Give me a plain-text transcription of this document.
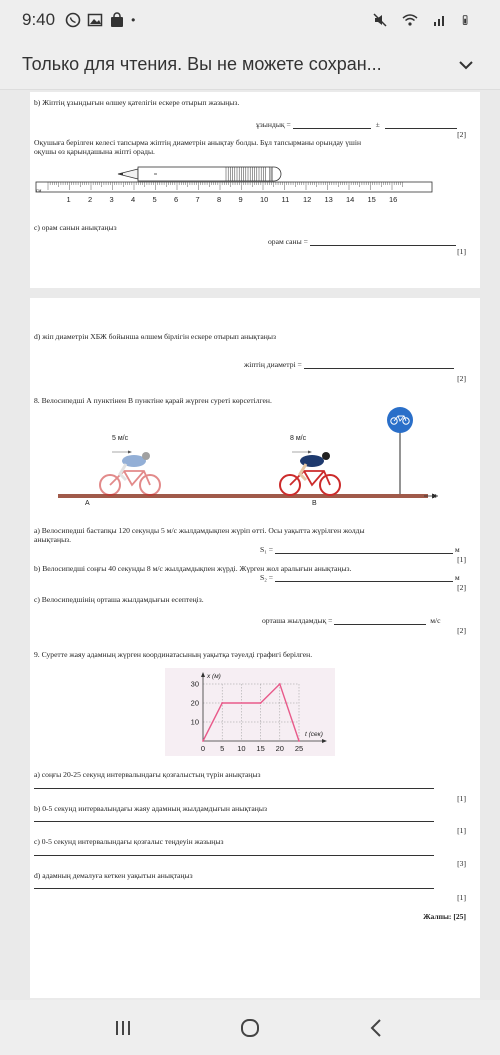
9:40	•
Только для чтения. Вы не можете сохран...
b) Жіптің ұзындығын өлшеу қателігін ескере отырып жазыңыз.
ұзындық =	±
[2]
Оқушыға берілген келесі тапсырма жіптің диаметрін анықтау болды. Бұл тапсырманы орындау үшін
оқушы өз қарындашына жіпті орады.
см
1 2 3 4 5 6 7 8 9 10 11 12 13 14 15 16
c) орам санын анықтаңыз
орам саны =
[1]
d) жіп диаметрін ХБЖ бойынша өлшем бірлігін ескере отырып анықтаңыз
жіптің диаметрі =
[2]
8. Велосипедші А пунктінен В пунктіне қарай жүрген суреті көрсетілген.
5 м/с	8 м/с
A	B
x
a) Велосипедші бастапқы 120 секунды 5 м/с жылдамдықпен жүріп өтті. Осы уақытта жүрілген жолды
анықтаңыз.
S₁ =	м
[1]
b) Велосипедші соңғы 40 секунды 8 м/с жылдамдықпен жүрді. Жүрген жол аралығын анықтаңыз.
S₂ =	м
[2]
c) Велосипедшінің орташа жылдамдығын есептеңіз.
орташа жылдамдық =	м/с
[2]
9. Суретте жаяу адамның жүрген координатасының уақытқа тәуелді графигі берілген.
0 5 10 15 20 25
10
20
30
x (м)
t (сек)
a) соңғы 20-25 секунд интервалындағы қозғалыстың түрін анықтаңыз
[1]
b) 0-5 секунд интервалындағы жаяу адамның жылдамдығын анықтаңыз
[1]
c) 0-5 секунд интервалындағы қозғалыс теңдеуін жазыңыз
[3]
d) адамның демалуға кеткен уақытын анықтаңыз
[1]
Жалпы: [25]
